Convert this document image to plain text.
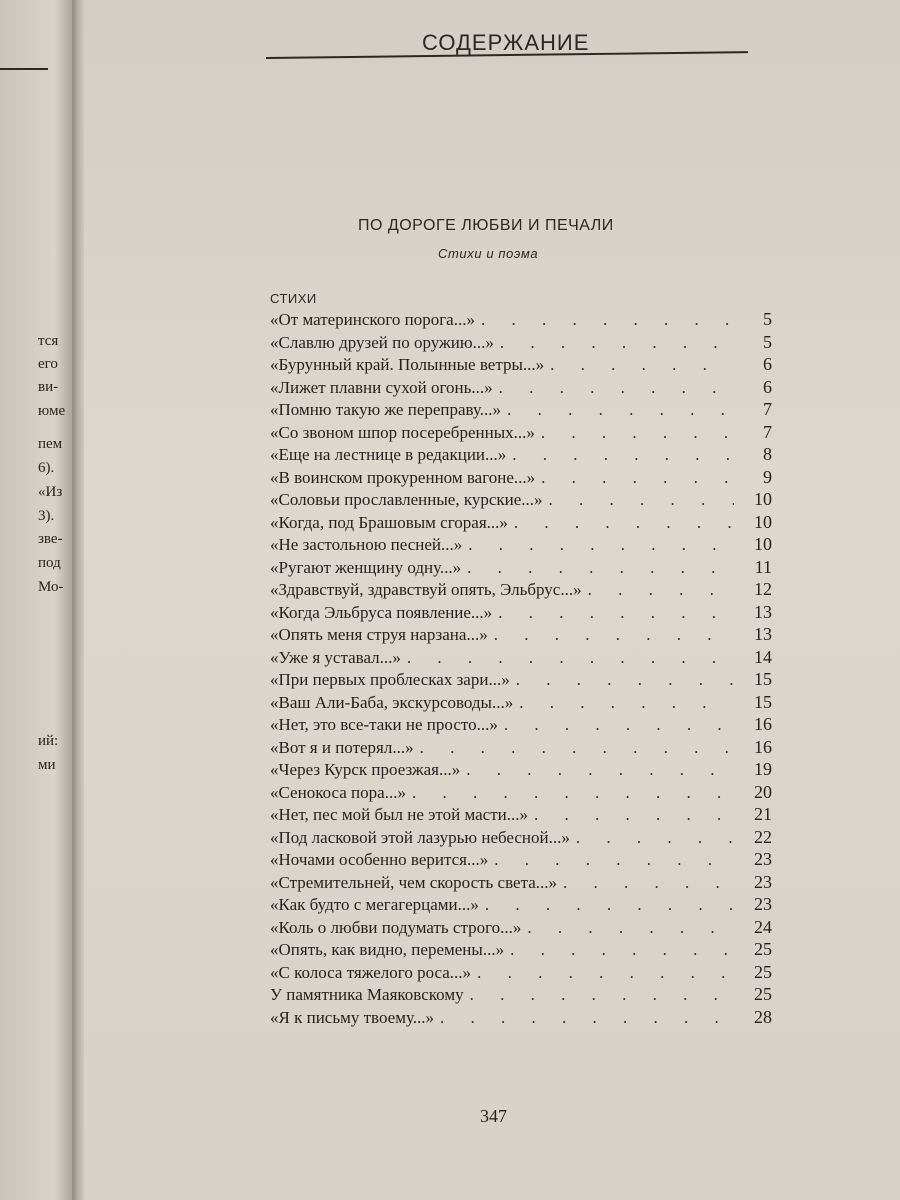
тся
его
ви-
юме
пем
6).
«Из
3).
зве-
под
Мо-
ий:
ми
СОДЕРЖАНИЕ
ПО ДОРОГЕ ЛЮБВИ И ПЕЧАЛИ
Стихи и поэма
СТИХИ
«От материнского порога...» . . .	5
«Славлю друзей по оружию...» . . .	5
«Бурунный край. Полынные ветры...» . . .	6
«Лижет плавни сухой огонь...» . . .	6
«Помню такую же переправу...» . . .	7
«Со звоном шпор посеребренных...» . . .	7
«Еще на лестнице в редакции...» . . .	8
«В воинском прокуренном вагоне...» . . .	9
«Соловьи прославленные, курские...» . . .	10
«Когда, под Брашовым сгорая...» . . .	10
«Не застольною песней...» . . .	10
«Ругают женщину одну...» . . .	11
«Здравствуй, здравствуй опять, Эльбрус...» . . .	12
«Когда Эльбруса появление...» . . .	13
«Опять меня струя нарзана...» . . .	13
«Уже я уставал...» . . .	14
«При первых проблесках зари...» . . .	15
«Ваш Али-Баба, экскурсоводы...» . . .	15
«Нет, это все-таки не просто...» . . .	16
«Вот я и потерял...» . . .	16
«Через Курск проезжая...» . . .	19
«Сенокоса пора...» . . .	20
«Нет, пес мой был не этой масти...» . . .	21
«Под ласковой этой лазурью небесной...» . . .	22
«Ночами особенно верится...» . . .	23
«Стремительней, чем скорость света...» . . .	23
«Как будто с мегагерцами...» . . .	23
«Коль о любви подумать строго...» . . .	24
«Опять, как видно, перемены...» . . .	25
«С колоса тяжелого роса...» . . .	25
У памятника Маяковскому . . .	25
«Я к письму твоему...» . . .	28
347
